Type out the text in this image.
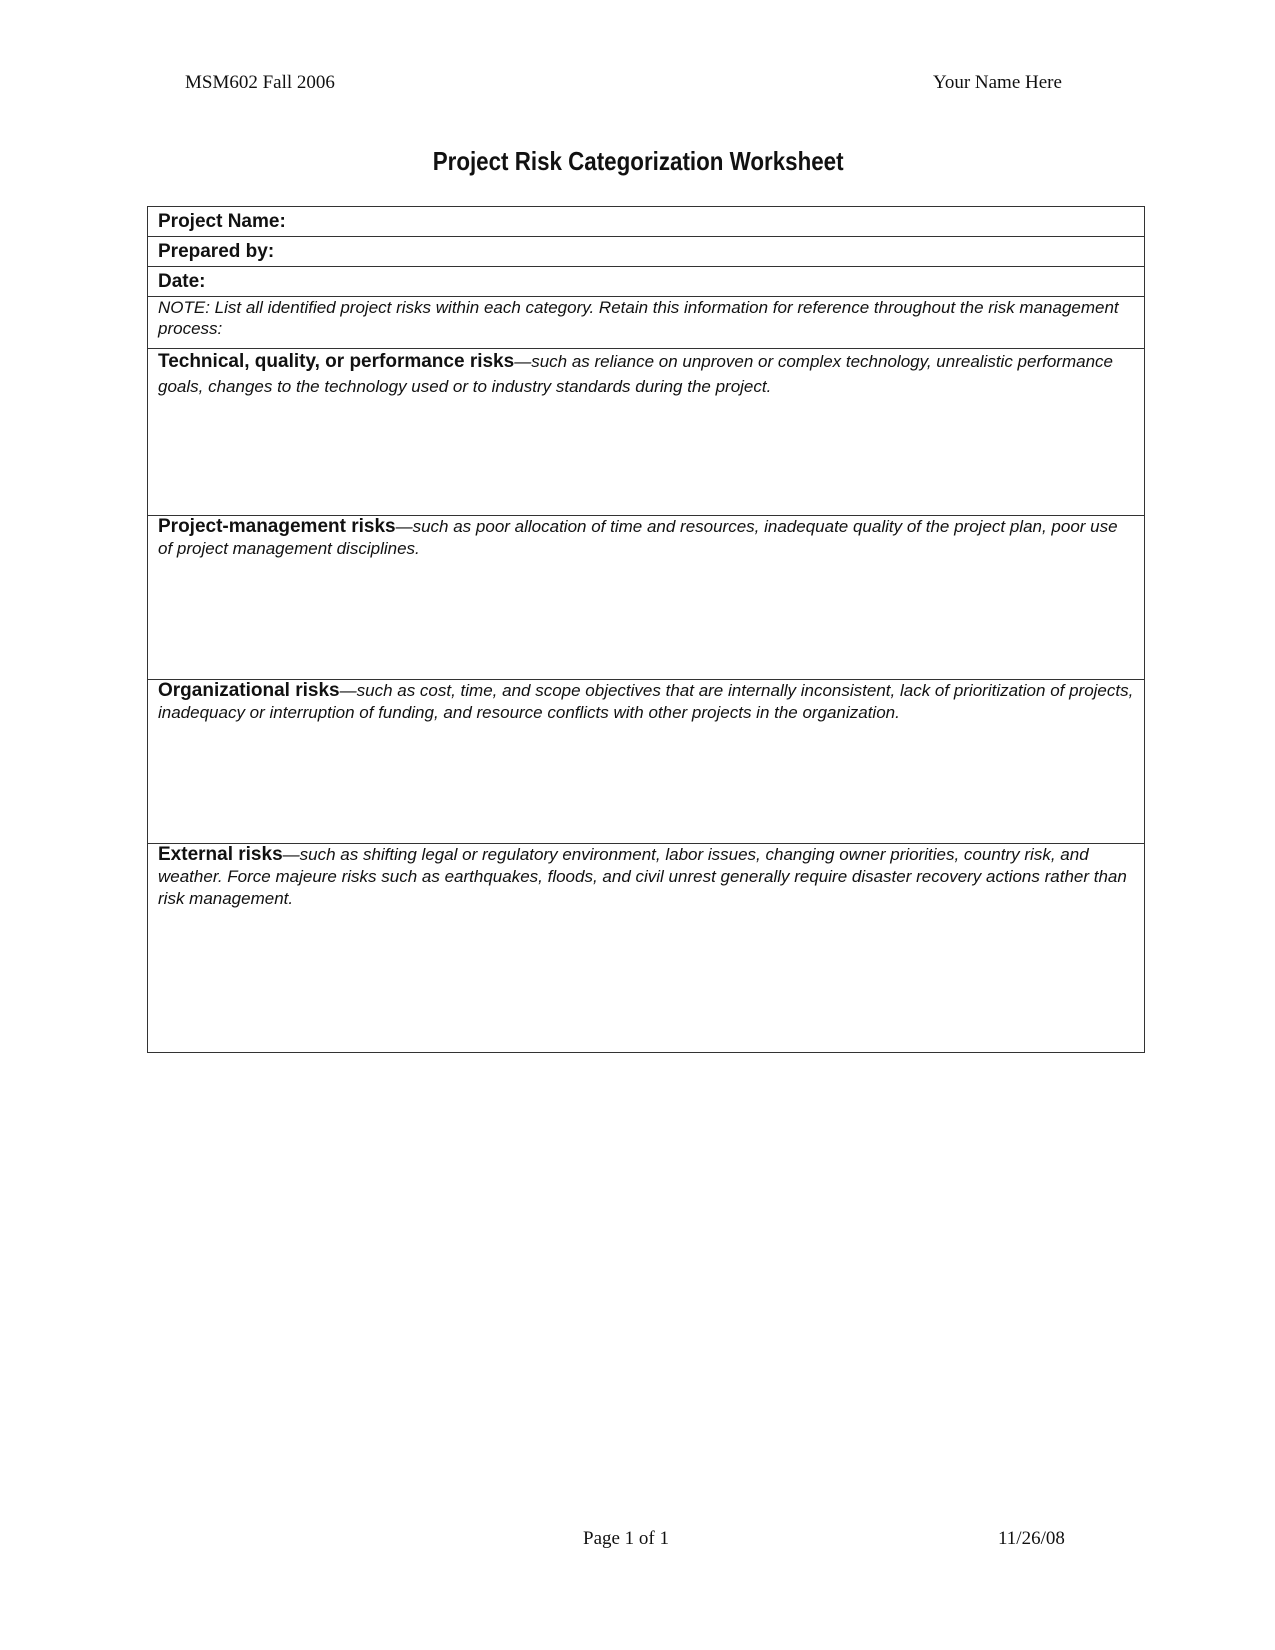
MSM602 Fall 2006	Your Name Here
Project Risk Categorization Worksheet
Project Name:
Prepared by:
Date:
NOTE: List all identified project risks within each category. Retain this information for reference throughout the risk management process:
Technical, quality, or performance risks—such as reliance on unproven or complex technology, unrealistic performance goals, changes to the technology used or to industry standards during the project.
Project-management risks—such as poor allocation of time and resources, inadequate quality of the project plan, poor use of project management disciplines.
Organizational risks—such as cost, time, and scope objectives that are internally inconsistent, lack of prioritization of projects, inadequacy or interruption of funding, and resource conflicts with other projects in the organization.
External risks—such as shifting legal or regulatory environment, labor issues, changing owner priorities, country risk, and weather. Force majeure risks such as earthquakes, floods, and civil unrest generally require disaster recovery actions rather than risk management.
Page 1 of 1	11/26/08
